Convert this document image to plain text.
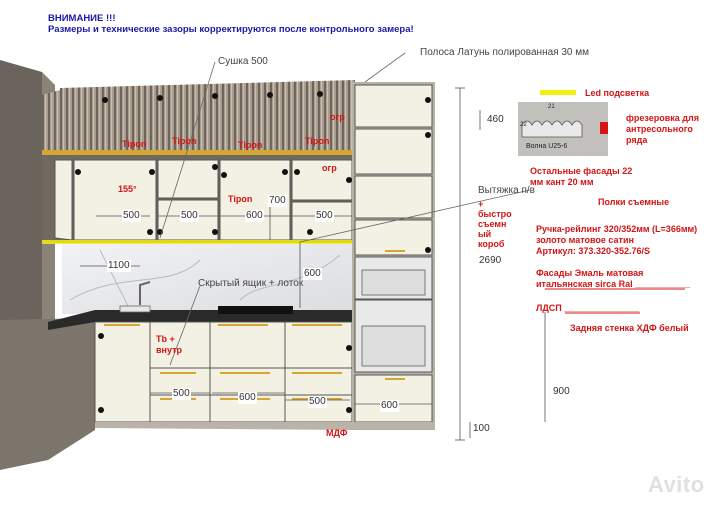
ВНИМАНИЕ !!!
Размеры и технические зазоры корректируются после контрольного замера!
Сушка 500
Полоса Латунь полированная 30 мм
Вытяжка п/в
Скрытый ящик + лоток
500	500	600
700
500
1100
600
460
2690
500	600	500	600
900
100
Tipon	Tipon	Tipon	Tipon
Tipon
огр
огр
155°
+
быстро
съемн
ый
короб
Tb +
внутр
МДФ
Led подсветка
фрезеровка для
антресольного
ряда
Остальные фасады 22
мм кант 20 мм
Полки съемные
Ручка-рейлинг 320/352мм (L=366мм)
золото матовое сатин
Артикул: 373.320-352.76/S
Фасады Эмаль матовая
итальянская sirca Ral ___________
ЛДСП _______________
Задняя стенка ХДФ белый
Волна U25-6
21
22
Avito
